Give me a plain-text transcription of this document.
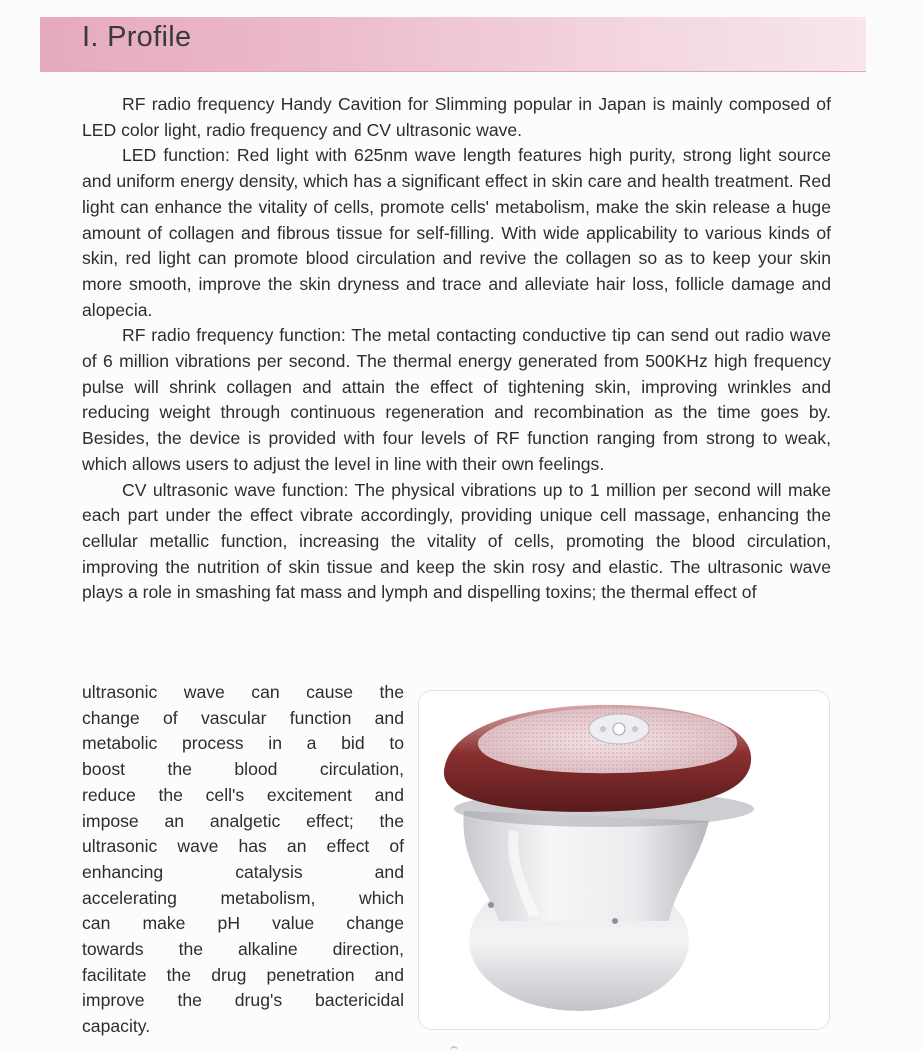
I. Profile

RF radio frequency Handy Cavition for Slimming popular in Japan is mainly composed of LED color light, radio frequency and CV ultrasonic wave.

LED function: Red light with 625nm wave length features high purity, strong light source and uniform energy density, which has a significant effect in skin care and health treatment. Red light can enhance the vitality of cells, promote cells' metabolism, make the skin release a huge amount of collagen and fibrous tissue for self-filling. With wide applicability to various kinds of skin, red light can promote blood circulation and revive the collagen so as to keep your skin more smooth, improve the skin dryness and trace and alleviate hair loss, follicle damage and alopecia.

RF radio frequency function: The metal contacting conductive tip can send out radio wave of 6 million vibrations per second. The thermal energy generated from 500KHz high frequency pulse will shrink collagen and attain the effect of tightening skin, improving wrinkles and reducing weight through continuous regeneration and recombination as the time goes by. Besides, the device is provided with four levels of RF function ranging from strong to weak, which allows users to adjust the level in line with their own feelings.

CV ultrasonic wave function: The physical vibrations up to 1 million per second will make each part under the effect vibrate accordingly, providing unique cell massage, enhancing the cellular metallic function, increasing the vitality of cells, promoting the blood circulation, improving the nutrition of skin tissue and keep the skin rosy and elastic. The ultrasonic wave plays a role in smashing fat mass and lymph and dispelling toxins; the thermal effect of

ultrasonic wave can cause the
change of vascular function and
metabolic process in a bid to
boost the blood circulation,
reduce the cell's excitement and
impose an analgetic effect; the
ultrasonic wave has an effect of
enhancing catalysis and
accelerating metabolism, which
can make pH value change
towards the alkaline direction,
facilitate the drug penetration and
improve the drug's bactericidal
capacity.
